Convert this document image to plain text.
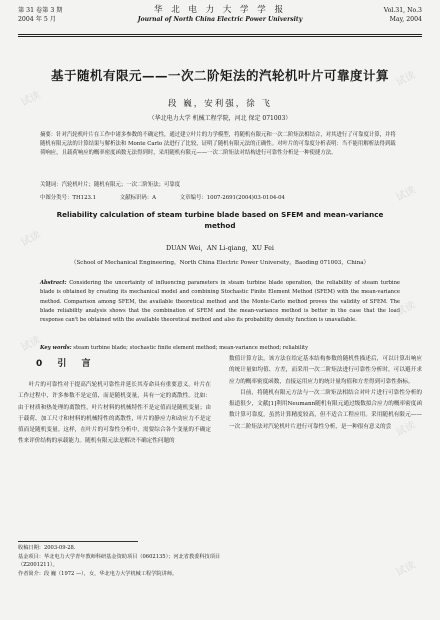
第 31 卷第 3 期
2004 年 5 月
华 北 电 力 大 学 学 报
Journal of North China Electric Power University
Vol.31, No.3
May, 2004
基于随机有限元——一次二阶矩法的汽轮机叶片可靠度计算
段 巍，安利强，徐 飞
（华北电力大学 机械工程学院，河北 保定 071003）
摘要：针对汽轮机叶片在工作中诸多参数的不确定性，通过建立叶片的力学模型，将随机有限元和一次二阶矩法相结合，对其进行了可靠度计算，并将随机有限元法的计算结果与解析法和 Monte Carlo 法进行了比较，证明了随机有限元法的正确性。对叶片的可靠度分析表明：当不能用解析法得到载荷响应，且载荷响应的概率密度函数无法得到时，采用随机有限元——一次二阶矩法对结构进行可靠性分析是一种使捷方法。
关键词：汽轮机叶片；随机有限元；一次二阶矩法；可靠度
中图分类号：TH123.1	文献标识码：A	文章编号：1007-2691(2004)03-0104-04
Reliability calculation of steam turbine blade based on SFEM and mean-variance method
DUAN Wei，AN Li-qiang，XU Fei
（School of Mechanical Engineering，North China Electric Power University，Baoding 071003，China）
Abstract: Considering the uncertainty of influencing parameters in steam turbine blade operation, the reliability of steam turbine blade is obtained by creating its mechanical model and combining Stochastic Finite Element Method (SFEM) with the mean-variance method. Comparison among SFEM, the available theoretical method and the Monte-Carlo method proves the validity of SFEM. The blade reliability analysis shows that the combination of SFEM and the mean-variance method is better in the case that the load response can't be obtained with the available theoretical method and also its probability density function is unavailable.
Key words: steam turbine blade; stochastic finite element method; mean-variance method; reliability
0 引 言

叶片的可靠性对于提高汽轮机可靠性并延长其寿命具有重要意义。叶片在工作过程中，许多参数不是定值，而是随机变量，具有一定的离散性。比如：由于材质和热处理的离散性，叶片材料的机械特性不是定值而是随机变量；由于载荷、加工尺寸和材料的机械特性的离散性，叶片的静应力和动应力不是定值而是随机变量。这样，在叶片的可靠性分析中，需要综合各个变量的不确定性来评价结构的承载能力。随机有限元法是解决不确定性问题的

数值计算方法，该方法在给定基本结构参数的随机性描述后，可以计算出响应的统计量如均值、方差，而采用一次二阶矩法进行可靠性分析时，可以避开求应力的概率密度函数，直接运用应力的统计量均值和方差得到可靠性指标。

目前，将随机有限元方法与一次二阶矩法相结合对叶片进行可靠性分析的报道很少，文献[1]利用Neumann随机有限元通过级数拟合应力的概率密度函数计算可靠度，虽然计算精度较高，但不适合工程应用。采用随机有限元——一次二阶矩法对汽轮机叶片进行可靠性分析，是一种很有意义的尝

收稿日期：2003-09-28.
基金项目：华北电力大学青年教师科研基金资助项目（0602135）；河北省教委科技项目（Z2001211）。
作者简介：段 巍（1972 —），女，华北电力大学机械工程学院讲师。
试读
试读
试读
试读
试读
试读
试读
试读
